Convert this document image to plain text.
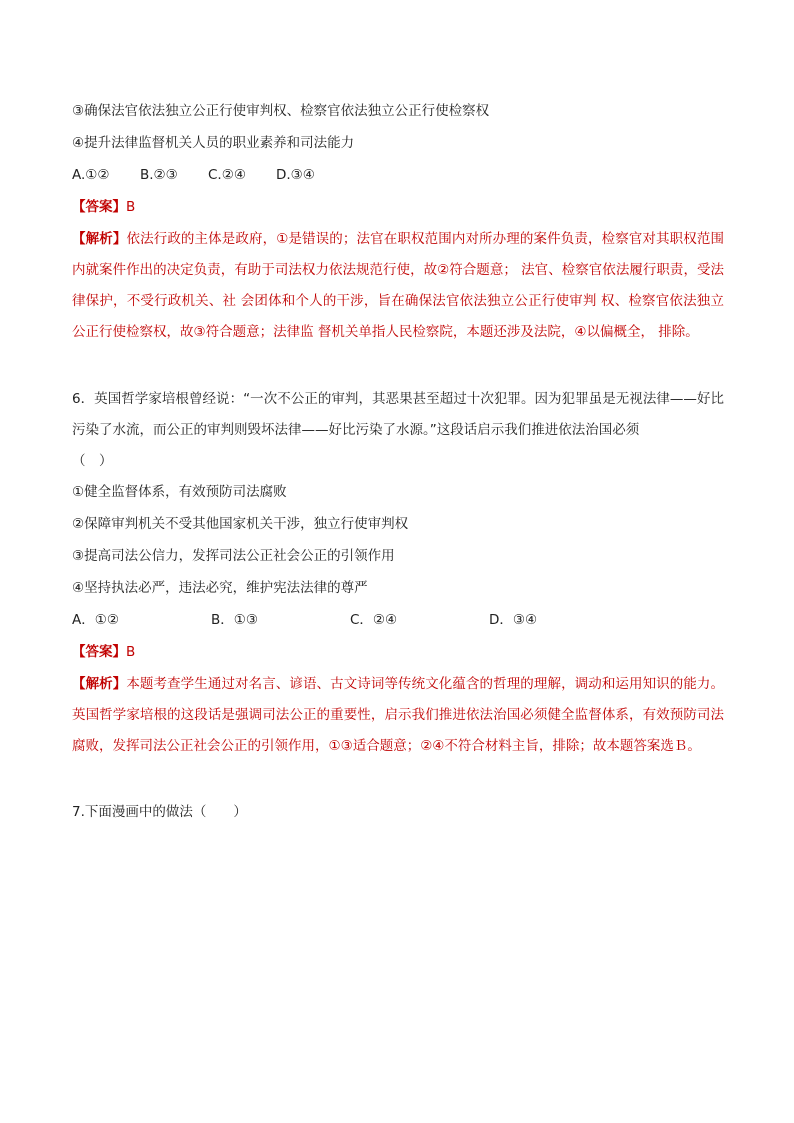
③确保法官依法独立公正行使审判权、检察官依法独立公正行使检察权
④提升法律监督机关人员的职业素养和司法能力
A.①② B.②③ C.②④ D.③④
【答案】B
【解析】依法行政的主体是政府，①是错误的；法官在职权范围内对所办理的案件负责，检察官对其职权范围内就案件作出的决定负责，有助于司法权力依法规范行使，故②符合题意； 法官、检察官依法履行职责，受法律保护，不受行政机关、社 会团体和个人的干涉，旨在确保法官依法独立公正行使审判 权、检察官依法独立公正行使检察权，故③符合题意；法律监 督机关单指人民检察院，本题还涉及法院，④以偏概全， 排除。
6．英国哲学家培根曾经说：“一次不公正的审判，其恶果甚至超过十次犯罪。因为犯罪虽是无视法律——好比污染了水流，而公正的审判则毁坏法律——好比污染了水源。”这段话启示我们推进依法治国必须
（　）
①健全监督体系，有效预防司法腐败
②保障审判机关不受其他国家机关干涉，独立行使审判权
③提高司法公信力，发挥司法公正社会公正的引领作用
④坚持执法必严，违法必究，维护宪法法律的尊严
A．①②	B．①③	C．②④	D．③④
【答案】B
【解析】本题考查学生通过对名言、谚语、古文诗词等传统文化蕴含的哲理的理解，调动和运用知识的能力。英国哲学家培根的这段话是强调司法公正的重要性，启示我们推进依法治国必须健全监督体系，有效预防司法腐败，发挥司法公正社会公正的引领作用，①③适合题意；②④不符合材料主旨，排除；故本题答案选Ｂ。
7.下面漫画中的做法（　　）
